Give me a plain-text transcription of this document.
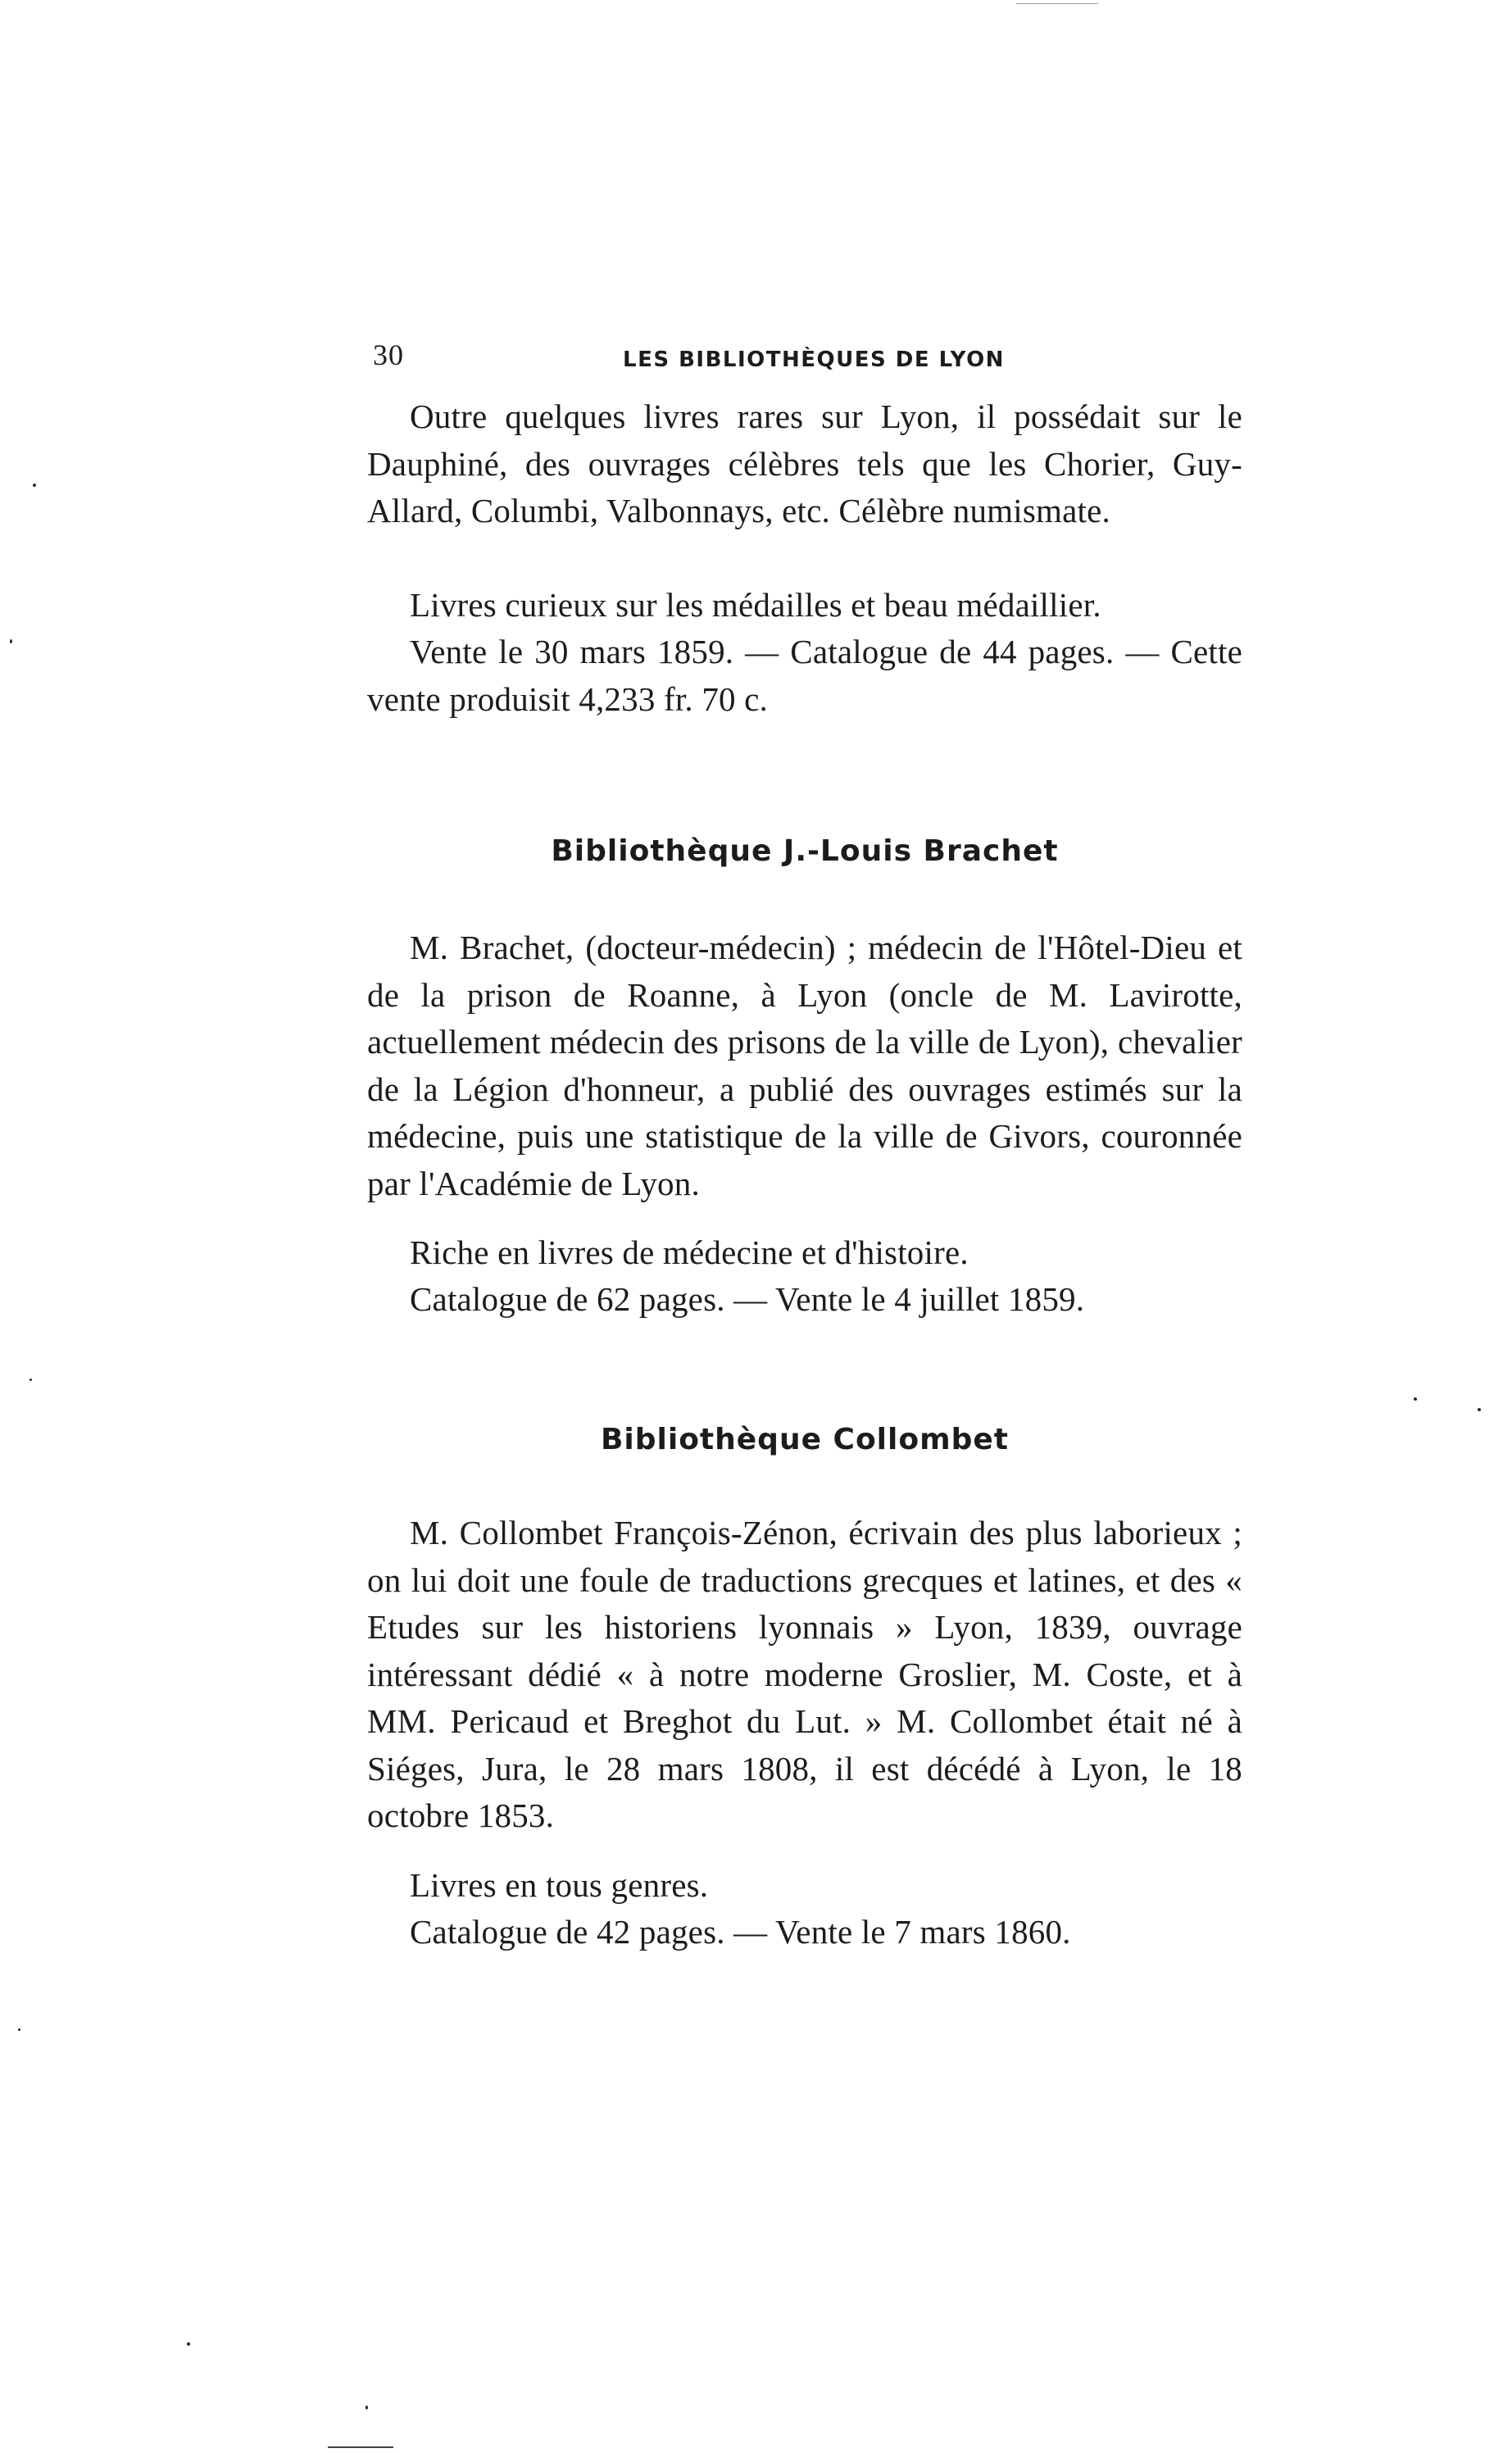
30	LES BIBLIOTHÈQUES DE LYON

Outre quelques livres rares sur Lyon, il possédait sur le Dauphiné, des ouvrages célèbres tels que les Chorier, Guy-Allard, Columbi, Valbonnays, etc. Célèbre numismate.

Livres curieux sur les médailles et beau médaillier.

Vente le 30 mars 1859. — Catalogue de 44 pages. — Cette vente produisit 4,233 fr. 70 c.

Bibliothèque J.-Louis Brachet

M. Brachet, (docteur-médecin) ; médecin de l'Hôtel-Dieu et de la prison de Roanne, à Lyon (oncle de M. Lavirotte, actuellement médecin des prisons de la ville de Lyon), chevalier de la Légion d'honneur, a publié des ouvrages estimés sur la médecine, puis une statistique de la ville de Givors, couronnée par l'Académie de Lyon.

Riche en livres de médecine et d'histoire.

Catalogue de 62 pages. — Vente le 4 juillet 1859.

Bibliothèque Collombet

M. Collombet François-Zénon, écrivain des plus laborieux ; on lui doit une foule de traductions grecques et latines, et des « Etudes sur les historiens lyonnais » Lyon, 1839, ouvrage intéressant dédié « à notre moderne Groslier, M. Coste, et à MM. Pericaud et Breghot du Lut. » M. Collombet était né à Siéges, Jura, le 28 mars 1808, il est décédé à Lyon, le 18 octobre 1853.

Livres en tous genres.

Catalogue de 42 pages. — Vente le 7 mars 1860.
